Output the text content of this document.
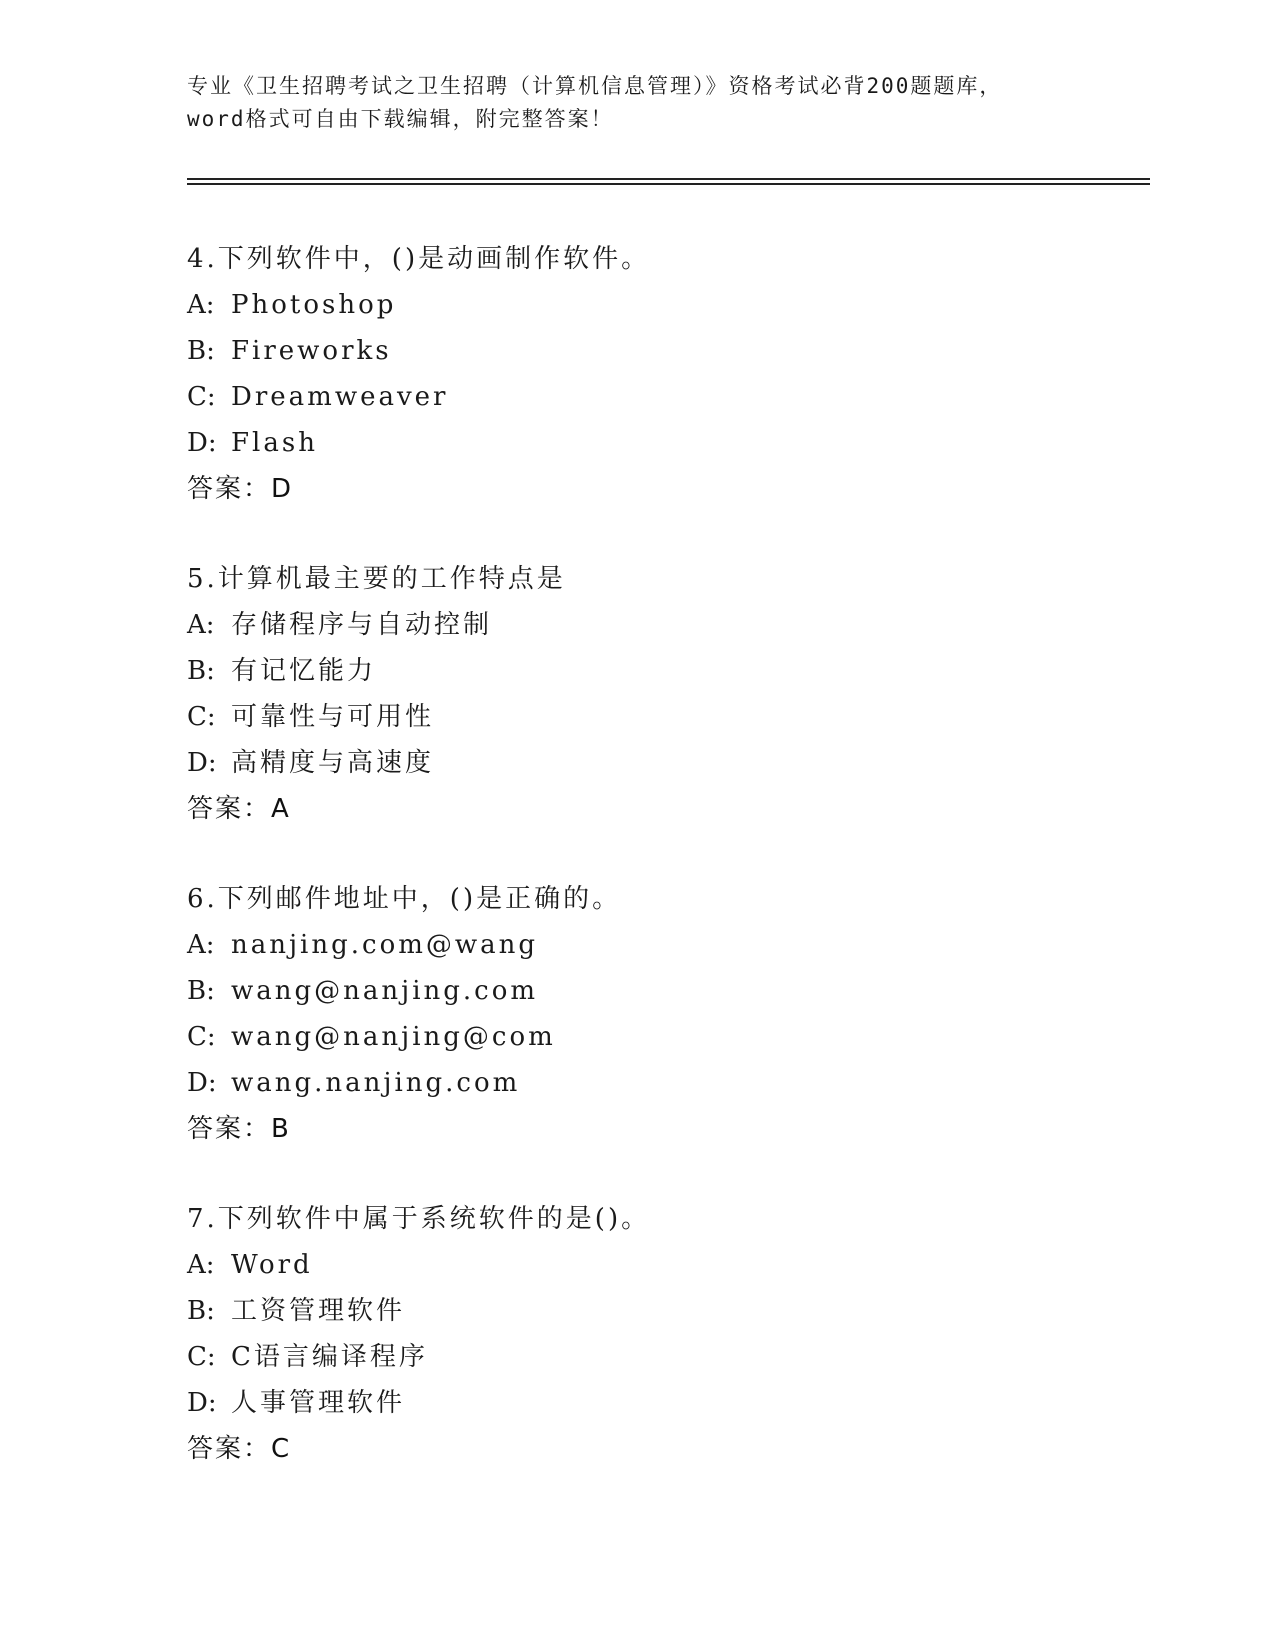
专业《卫生招聘考试之卫生招聘（计算机信息管理）》资格考试必背200题题库，
word格式可自由下载编辑，附完整答案！
4.下列软件中，()是动画制作软件。
A: Photoshop
B: Fireworks
C: Dreamweaver
D: Flash
答案：D
5.计算机最主要的工作特点是
A: 存储程序与自动控制
B: 有记忆能力
C: 可靠性与可用性
D: 高精度与高速度
答案：A
6.下列邮件地址中，()是正确的。
A: nanjing.com@wang
B: wang@nanjing.com
C: wang@nanjing@com
D: wang.nanjing.com
答案：B
7.下列软件中属于系统软件的是()。
A: Word
B: 工资管理软件
C: C语言编译程序
D: 人事管理软件
答案：C
